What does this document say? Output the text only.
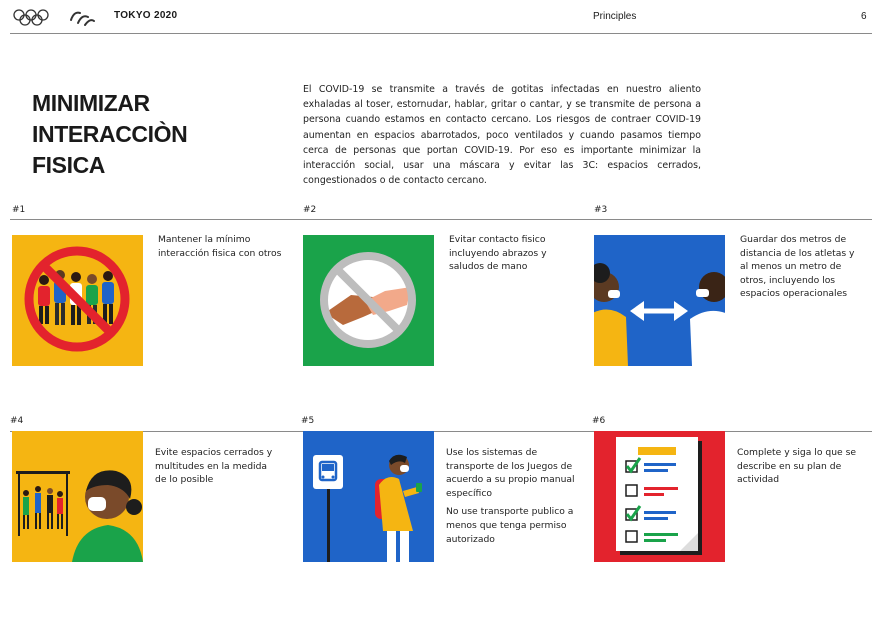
TOKYO 2020	Principles	6
MINIMIZAR
INTERACCIÒN
FISICA
El COVID-19 se transmite a través de gotitas infectadas en nuestro aliento exhaladas al toser, estornudar, hablar, gritar o cantar, y se transmite de persona a persona cuando estamos en contacto cercano. Los riesgos de contraer COVID-19 aumentan en espacios abarrotados, poco ventilados y cuando pasamos tiempo cerca de personas que portan COVID-19. Por eso es importante minimizar la interacción social, usar una máscara y evitar las 3C: espacios cerrados, congestionados o de contacto cercano.
#1	#2	#3

Mantener la mínimo interacción fisica con otros

Evitar contacto fisico incluyendo abrazos y saludos de mano

Guardar dos metros de distancia de los atletas y al menos un metro de otros, incluyendo los espacios operacionales

#4	#5	#6

Evite espacios cerrados y multitudes en la medida de lo posible

Use los sistemas de transporte de los Juegos de acuerdo a su propio manual específico

No use transporte publico a menos que tenga permiso autorizado

Complete y siga lo que se describe en su plan de actividad
